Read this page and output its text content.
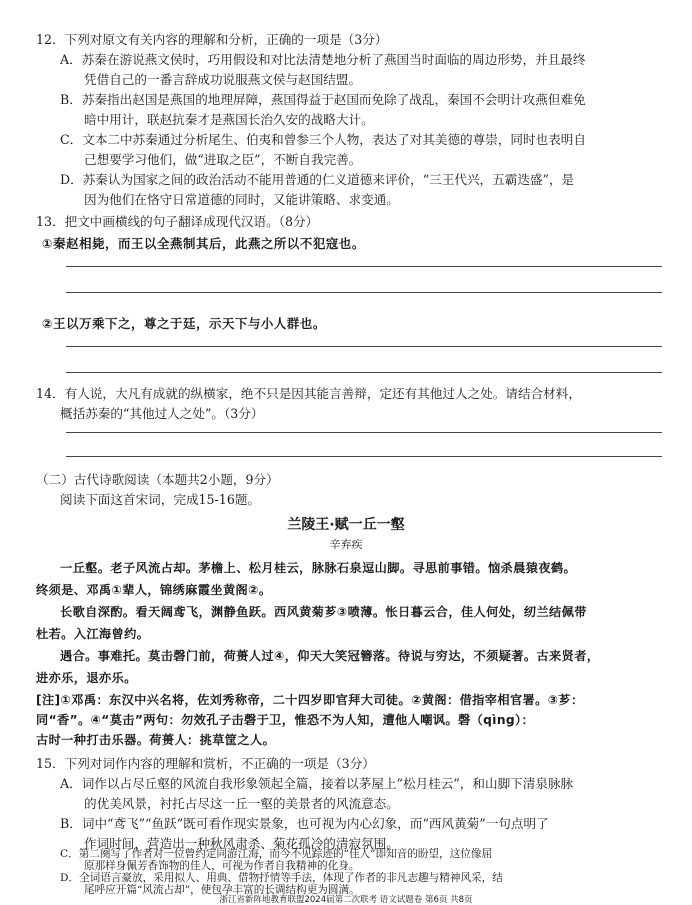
12．下列对原文有关内容的理解和分析，正确的一项是（3分）
A．苏秦在游说燕文侯时，巧用假设和对比法清楚地分析了燕国当时面临的周边形势，并且最终
凭借自己的一番言辞成功说服燕文侯与赵国结盟。
B．苏秦指出赵国是燕国的地理屏障，燕国得益于赵国而免除了战乱，秦国不会明计攻燕但难免
暗中用计，联赵抗秦才是燕国长治久安的战略大计。
C．文本二中苏秦通过分析尾生、伯夷和曾参三个人物，表达了对其美德的尊崇，同时也表明自
己想要学习他们，做“进取之臣”，不断自我完善。
D．苏秦认为国家之间的政治活动不能用普通的仁义道德来评价，“三王代兴，五霸迭盛”，是
因为他们在恪守日常道德的同时，又能讲策略、求变通。
13．把文中画横线的句子翻译成现代汉语。（8分）
①秦赵相毙，而王以全燕制其后，此燕之所以不犯寇也。
②王以万乘下之，尊之于廷，示天下与小人群也。
14．有人说，大凡有成就的纵横家，绝不只是因其能言善辩，定还有其他过人之处。请结合材料，
概括苏秦的“其他过人之处”。（3分）
（二）古代诗歌阅读（本题共2小题，9分）
阅读下面这首宋词，完成15-16题。
兰陵王·赋一丘一壑
辛弃疾
一丘壑。老子风流占却。茅檐上、松月桂云，脉脉石泉逗山脚。寻思前事错。恼杀晨猿夜鹤。
终须是、邓禹①辈人，锦绣麻霞坐黄阁②。
长歌自深酌。看天阔鸢飞，渊静鱼跃。西风黄菊芗③喷薄。怅日暮云合，佳人何处，纫兰结佩带
杜若。入江海曾约。
遇合。事难托。莫击磬门前，荷蒉人过④，仰天大笑冠簪落。待说与穷达，不须疑著。古来贤者，
进亦乐，退亦乐。
[注]①邓禹：东汉中兴名将，佐刘秀称帝，二十四岁即官拜大司徒。②黄阁：借指宰相官署。③芗：
同“香”。④“莫击”两句：勿效孔子击磬于卫，惟恐不为人知，遭他人嘲讽。磬（qìng）：
古时一种打击乐器。荷蒉人：挑草筐之人。
15．下列对词作内容的理解和赏析，不正确的一项是（3分）
A．词作以占尽丘壑的风流自我形象领起全篇，接着以茅屋上“松月桂云”，和山脚下清泉脉脉
的优美风景，衬托占尽这一丘一壑的美景者的风流意态。
B．词中“鸢飞”“鱼跃”既可看作现实景象，也可视为内心幻象，而“西风黄菊”一句点明了
作词时间，营造出一种秋风肃杀、菊花孤冷的清寂氛围。
浙江省新阵地教育联盟2024届第二次联考 语文试题卷 第6页 共8页
C．第二阕写了作者对一位曾约定同游江海，而今不见踪迹的“佳人”即知音的盼望，这位像屈
原那样身佩芳香饰物的佳人，可视为作者自我精神的化身。
D．全词语言豪放，采用拟人、用典、借物抒情等手法，体现了作者的非凡志趣与精神风采，结
尾呼应开篇“风流占却”，使包孕丰富的长调结构更为圆满。
